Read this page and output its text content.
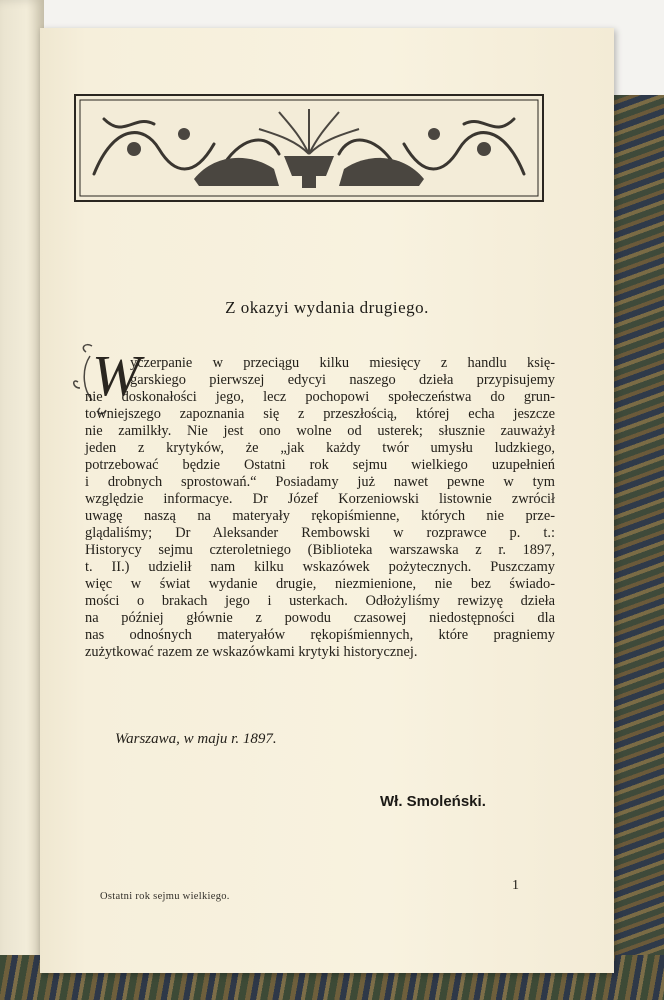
Z okazyi wydania drugiego.
W
yczerpanie w przeciągu kilku miesięcy z handlu księ-
garskiego pierwszej edycyi naszego dzieła przypisujemy
nie doskonałości jego, lecz pochopowi społeczeństwa do grun-
towniejszego zapoznania się z przeszłością, której echa jeszcze
nie zamilkły. Nie jest ono wolne od usterek; słusznie zauważył
jeden z krytyków, że „jak każdy twór umysłu ludzkiego,
potrzebować będzie Ostatni rok sejmu wielkiego uzupełnień
i drobnych sprostowań.“ Posiadamy już nawet pewne w tym
względzie informacye. Dr Józef Korzeniowski listownie zwrócił
uwagę naszą na materyały rękopiśmienne, których nie prze-
glądaliśmy; Dr Aleksander Rembowski w rozprawce p. t.:
Historycy sejmu czteroletniego (Biblioteka warszawska z r. 1897,
t. II.) udzielił nam kilku wskazówek pożytecznych. Puszczamy
więc w świat wydanie drugie, niezmienione, nie bez świado-
mości o brakach jego i usterkach. Odłożyliśmy rewizyę dzieła
na później głównie z powodu czasowej niedostępności dla
nas odnośnych materyałów rękopiśmiennych, które pragniemy
zużytkować razem ze wskazówkami krytyki historycznej.
Warszawa, w maju r. 1897.
Wł. Smoleński.
Ostatni rok sejmu wielkiego.
1
